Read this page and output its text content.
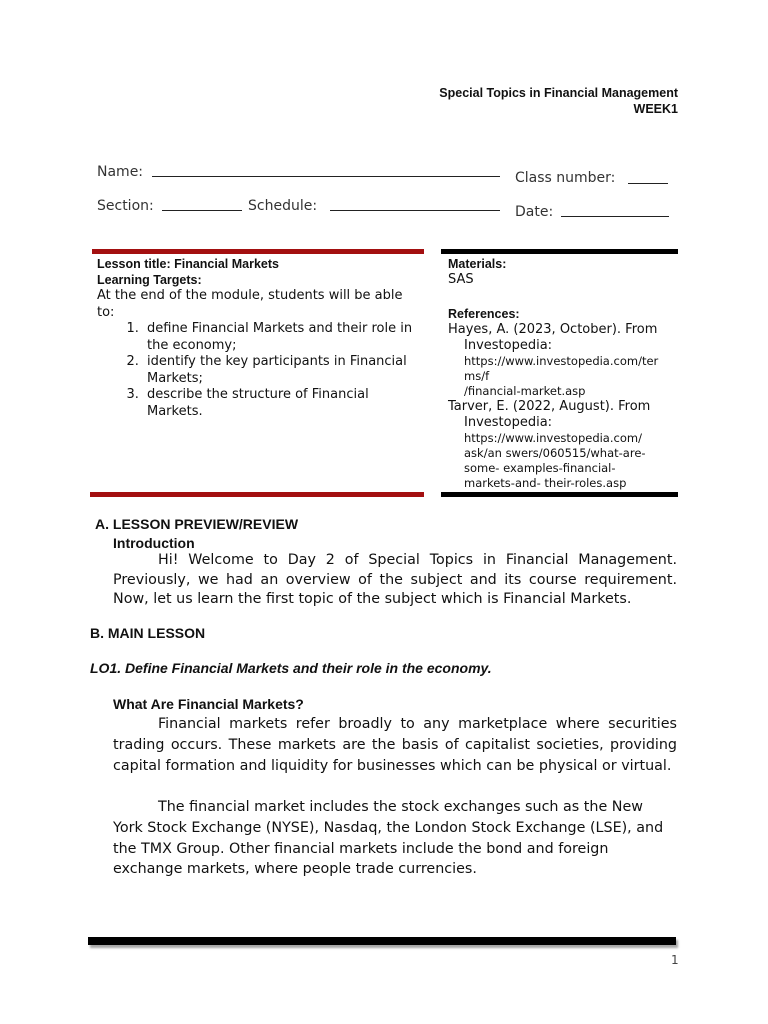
Special Topics in Financial Management
WEEK1
Name:	Class number:
Section:	Schedule:	Date:
Lesson title: Financial Markets
Learning Targets:
At the end of the module, students will be able to:
1. define Financial Markets and their role in the economy;
2. identify the key participants in Financial Markets;
3. describe the structure of Financial Markets.
Materials:
SAS
References:
Hayes, A. (2023, October). From
Investopedia:
https://www.investopedia.com/ter
ms/f
/financial-market.asp
Tarver, E. (2022, August). From
Investopedia:
https://www.investopedia.com/
ask/an swers/060515/what-are-
some- examples-financial-
markets-and- their-roles.asp
A. LESSON PREVIEW/REVIEW
Introduction
Hi! Welcome to Day 2 of Special Topics in Financial Management. Previously, we had an overview of the subject and its course requirement. Now, let us learn the first topic of the subject which is Financial Markets.
B. MAIN LESSON
LO1. Define Financial Markets and their role in the economy.
What Are Financial Markets?
Financial markets refer broadly to any marketplace where securities trading occurs. These markets are the basis of capitalist societies, providing capital formation and liquidity for businesses which can be physical or virtual.
The financial market includes the stock exchanges such as the New York Stock Exchange (NYSE), Nasdaq, the London Stock Exchange (LSE), and the TMX Group. Other financial markets include the bond and foreign exchange markets, where people trade currencies.
1
